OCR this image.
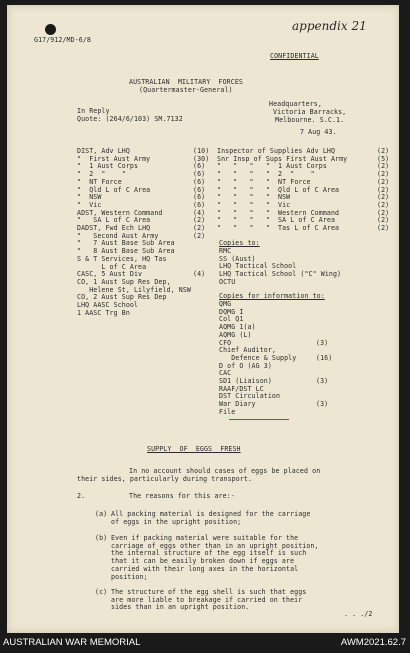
G17/912/MD-6/8
appendix 21
CONFIDENTIAL
AUSTRALIAN  MILITARY  FORCES
(Quartermaster-General)
In Reply
Quote: (264/6/103) SM.7132
Headquarters,
Victoria Barracks,
Melbourne. S.C.1.
7 Aug 43.
Copies to:
Copies for information to:
SUPPLY  OF  EGGS  FRESH
In no account should cases of eggs be placed on
their sides, particularly during transport.
2.	The reasons for this are:-
(a)
(b)
(c)
. . ./2
DIST, Adv LHQ	(10)
"  First Aust Army	(30)
"  1 Aust Corps	(6)
"  2  "    "	(6)
"  NT Force	(6)
"  Qld L of C Area	(6)
"  NSW	(6)
"  Vic	(6)
ADST, Western Command	(4)
"   SA L of C Area	(2)
DADST, Fwd Ech LHQ	(2)
"   Second Aust Army	(2)
"   7 Aust Base Sub Area
"   8 Aust Base Sub Area
S & T Services, HQ Tas
L of C Area
CASC, 5 Aust Div	(4)
CO, 1 Aust Sup Res Dep,
Helene St, Lilyfield, NSW
CO, 2 Aust Sup Res Dep
LHQ AASC School
1 AASC Trg Bn
Inspector of Supplies Adv LHQ	(2)
Snr Insp of Sups First Aust Army	(5)
"   "   "   "  1 Aust Corps	(2)
"   "   "   "  2  "    "	(2)
"   "   "   "  NT Force	(2)
"   "   "   "  Qld L of C Area	(2)
"   "   "   "  NSW	(2)
"   "   "   "  Vic	(2)
"   "   "   "  Western Command	(2)
"   "   "   "  SA L of C Area	(2)
"   "   "   "  Tas L of C Area	(2)
RMC
SS (Aust)
LHQ Tactical School
LHQ Tactical School ("C" Wing)
OCTU
QMG
DQMG I
Col Q1
AQMG 1(a)
AQMG (L)
CFO	(3)
Chief Auditor,
Defence & Supply	(16)
D of O (AG 3)
CAC
SD1 (Liaison)	(3)
RAAF/DST LC
DST Circulation
War Diary	(3)
File
All packing material is designed for the carriage
of eggs in the upright position;
Even if packing material were suitable for the
carriage of eggs other than in an upright position,
the internal structure of the egg itself is such
that it can be easily broken down if eggs are
carried with their long axes in the horizontal
position;
The structure of the egg shell is such that eggs
are more liable to breakage if carried on their
sides than in an upright position.
AUSTRALIAN WAR MEMORIAL	AWM2021.62.7
